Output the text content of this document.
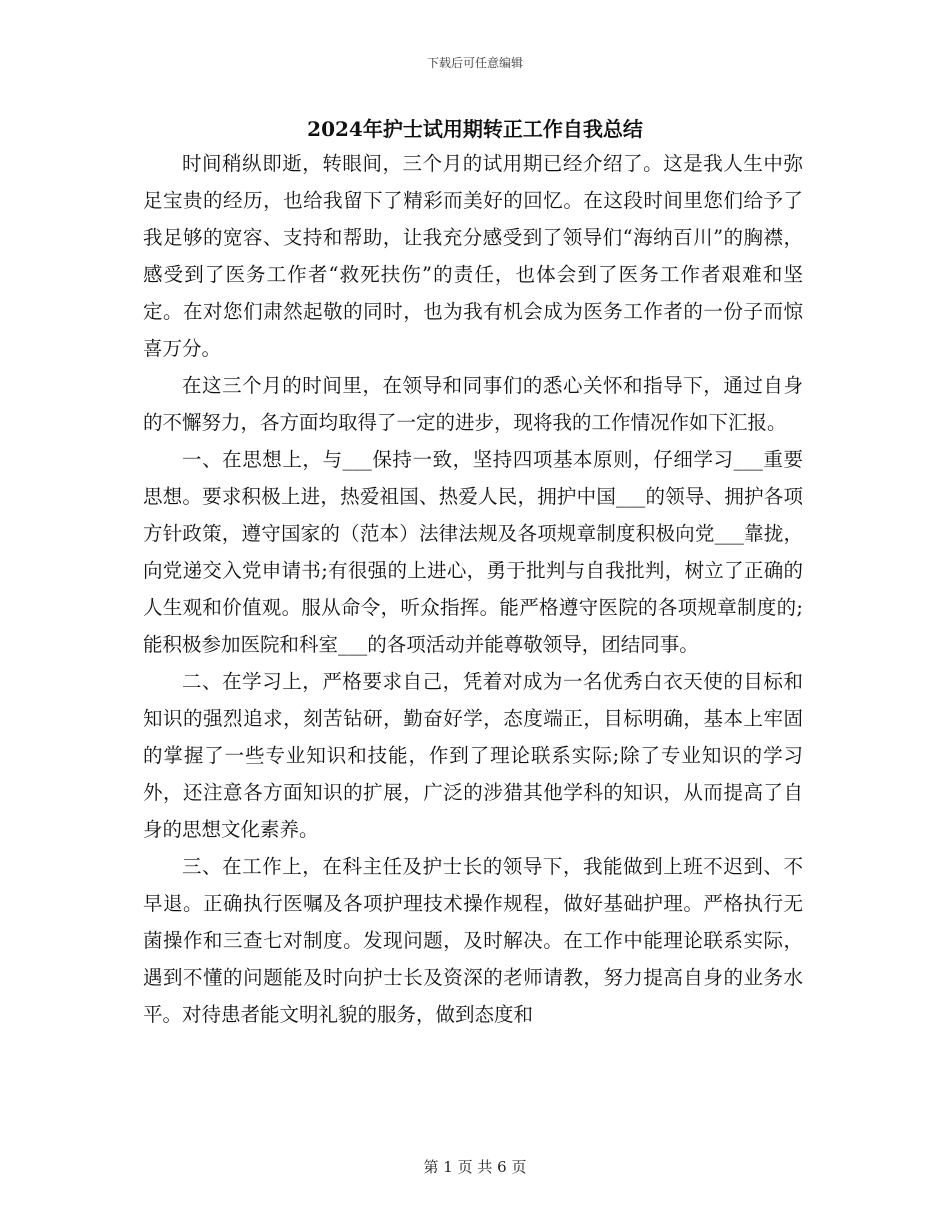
下载后可任意编辑
2024年护士试用期转正工作自我总结

时间稍纵即逝，转眼间，三个月的试用期已经介绍了。这是我人生中弥足宝贵的经历，也给我留下了精彩而美好的回忆。在这段时间里您们给予了我足够的宽容、支持和帮助，让我充分感受到了领导们“海纳百川”的胸襟，感受到了医务工作者“救死扶伤”的责任，也体会到了医务工作者艰难和坚定。在对您们肃然起敬的同时，也为我有机会成为医务工作者的一份子而惊喜万分。

在这三个月的时间里，在领导和同事们的悉心关怀和指导下，通过自身的不懈努力，各方面均取得了一定的进步，现将我的工作情况作如下汇报。

一、在思想上，与___保持一致，坚持四项基本原则，仔细学习___重要思想。要求积极上进，热爱祖国、热爱人民，拥护中国___的领导、拥护各项方针政策，遵守国家的（范本）法律法规及各项规章制度积极向党___靠拢，向党递交入党申请书;有很强的上进心，勇于批判与自我批判，树立了正确的人生观和价值观。服从命令，听众指挥。能严格遵守医院的各项规章制度的;能积极参加医院和科室___的各项活动并能尊敬领导，团结同事。

二、在学习上，严格要求自己，凭着对成为一名优秀白衣天使的目标和知识的强烈追求，刻苦钻研，勤奋好学，态度端正，目标明确，基本上牢固的掌握了一些专业知识和技能，作到了理论联系实际;除了专业知识的学习外，还注意各方面知识的扩展，广泛的涉猎其他学科的知识，从而提高了自身的思想文化素养。

三、在工作上，在科主任及护士长的领导下，我能做到上班不迟到、不早退。正确执行医嘱及各项护理技术操作规程，做好基础护理。严格执行无菌操作和三查七对制度。发现问题，及时解决。在工作中能理论联系实际，遇到不懂的问题能及时向护士长及资深的老师请教，努力提高自身的业务水平。对待患者能文明礼貌的服务，做到态度和

第 1 页 共 6 页
